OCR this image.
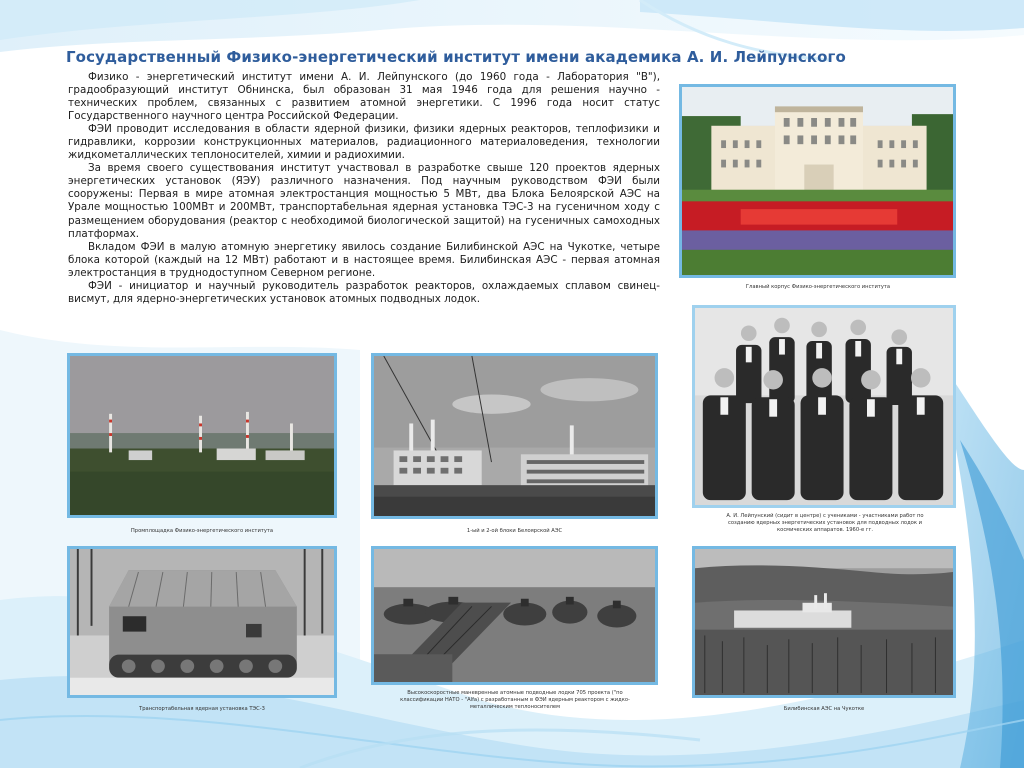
Государственный Физико-энергетический институт имени академика А. И. Лейпунского

Физико - энергетический институт имени А. И. Лейпунского (до 1960 года - Лаборатория "В"), градообразующий институт Обнинска, был образован 31 мая 1946 года для решения научно - технических проблем, связанных с развитием атомной энергетики. С 1996 года носит статус Государственного научного центра Российской Федерации.

ФЭИ проводит исследования в области ядерной физики, физики ядерных реакторов, теплофизики и гидравлики, коррозии конструкционных материалов, радиационного материаловедения, технологии жидкометаллических теплоносителей, химии и радиохимии.

За время своего существования институт участвовал в разработке свыше 120 проектов ядерных энергетических установок (ЯЭУ) различного назначения. Под научным руководством ФЭИ были сооружены: Первая в мире атомная электростанция мощностью 5 МВт, два Блока Белоярской АЭС на Урале мощностью 100МВт и 200МВт, транспортабельная ядерная установка ТЭС-3 на гусеничном ходу с размещением оборудования (реактор с необходимой биологической защитой) на гусеничных самоходных платформах.

Вкладом ФЭИ в малую атомную энергетику явилось создание Билибинской АЭС на Чукотке, четыре блока которой (каждый на 12 МВт) работают и в настоящее время. Билибинская АЭС - первая атомная электростанция в труднодоступном Северном регионе.

ФЭИ - инициатор и научный руководитель разработок реакторов, охлаждаемых сплавом свинец-висмут, для ядерно-энергетических установок атомных подводных лодок.

Главный корпус Физико-энергетического института
А. И. Лейпунский (сидит в центре) с учениками - участниками работ по созданию ядерных энергетических установок для подводных лодок и космических аппаратов. 1960-е гг.
Промплощадка Физико-энергетического института	1-ый и 2-ой блоки Белоярской АЭС
Транспортабельная ядерная установка ТЭС-3
Высокоскоростные маневренные атомные подводные лодки 705 проекта ("по классификации НАТО - "Alfa) с разработанным в ФЭИ ядерным реактором с жидко-металлическим теплоносителем	Билибинская АЭС на Чукотке
